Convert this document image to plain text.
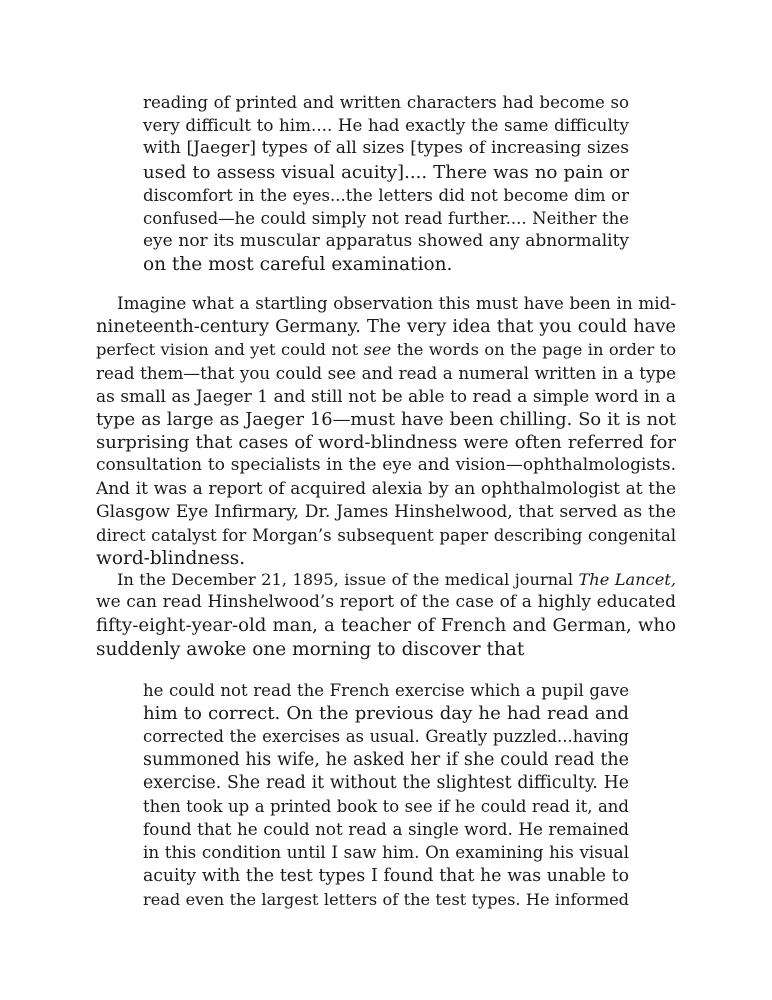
reading of printed and written characters had become so
very difficult to him.... He had exactly the same difficulty
with [Jaeger] types of all sizes [types of increasing sizes
used to assess visual acuity].... There was no pain or
discomfort in the eyes...the letters did not become dim or
confused—he could simply not read further.... Neither the
eye nor its muscular apparatus showed any abnormality
on the most careful examination.
Imagine what a startling observation this must have been in mid-
nineteenth-century Germany. The very idea that you could have
perfect vision and yet could not see the words on the page in order to
read them—that you could see and read a numeral written in a type
as small as Jaeger 1 and still not be able to read a simple word in a
type as large as Jaeger 16—must have been chilling. So it is not
surprising that cases of word-blindness were often referred for
consultation to specialists in the eye and vision—ophthalmologists.
And it was a report of acquired alexia by an ophthalmologist at the
Glasgow Eye Infirmary, Dr. James Hinshelwood, that served as the
direct catalyst for Morgan’s subsequent paper describing congenital
word-blindness.
In the December 21, 1895, issue of the medical journal The Lancet,
we can read Hinshelwood’s report of the case of a highly educated
fifty-eight-year-old man, a teacher of French and German, who
suddenly awoke one morning to discover that
he could not read the French exercise which a pupil gave
him to correct. On the previous day he had read and
corrected the exercises as usual. Greatly puzzled...having
summoned his wife, he asked her if she could read the
exercise. She read it without the slightest difficulty. He
then took up a printed book to see if he could read it, and
found that he could not read a single word. He remained
in this condition until I saw him. On examining his visual
acuity with the test types I found that he was unable to
read even the largest letters of the test types. He informed
